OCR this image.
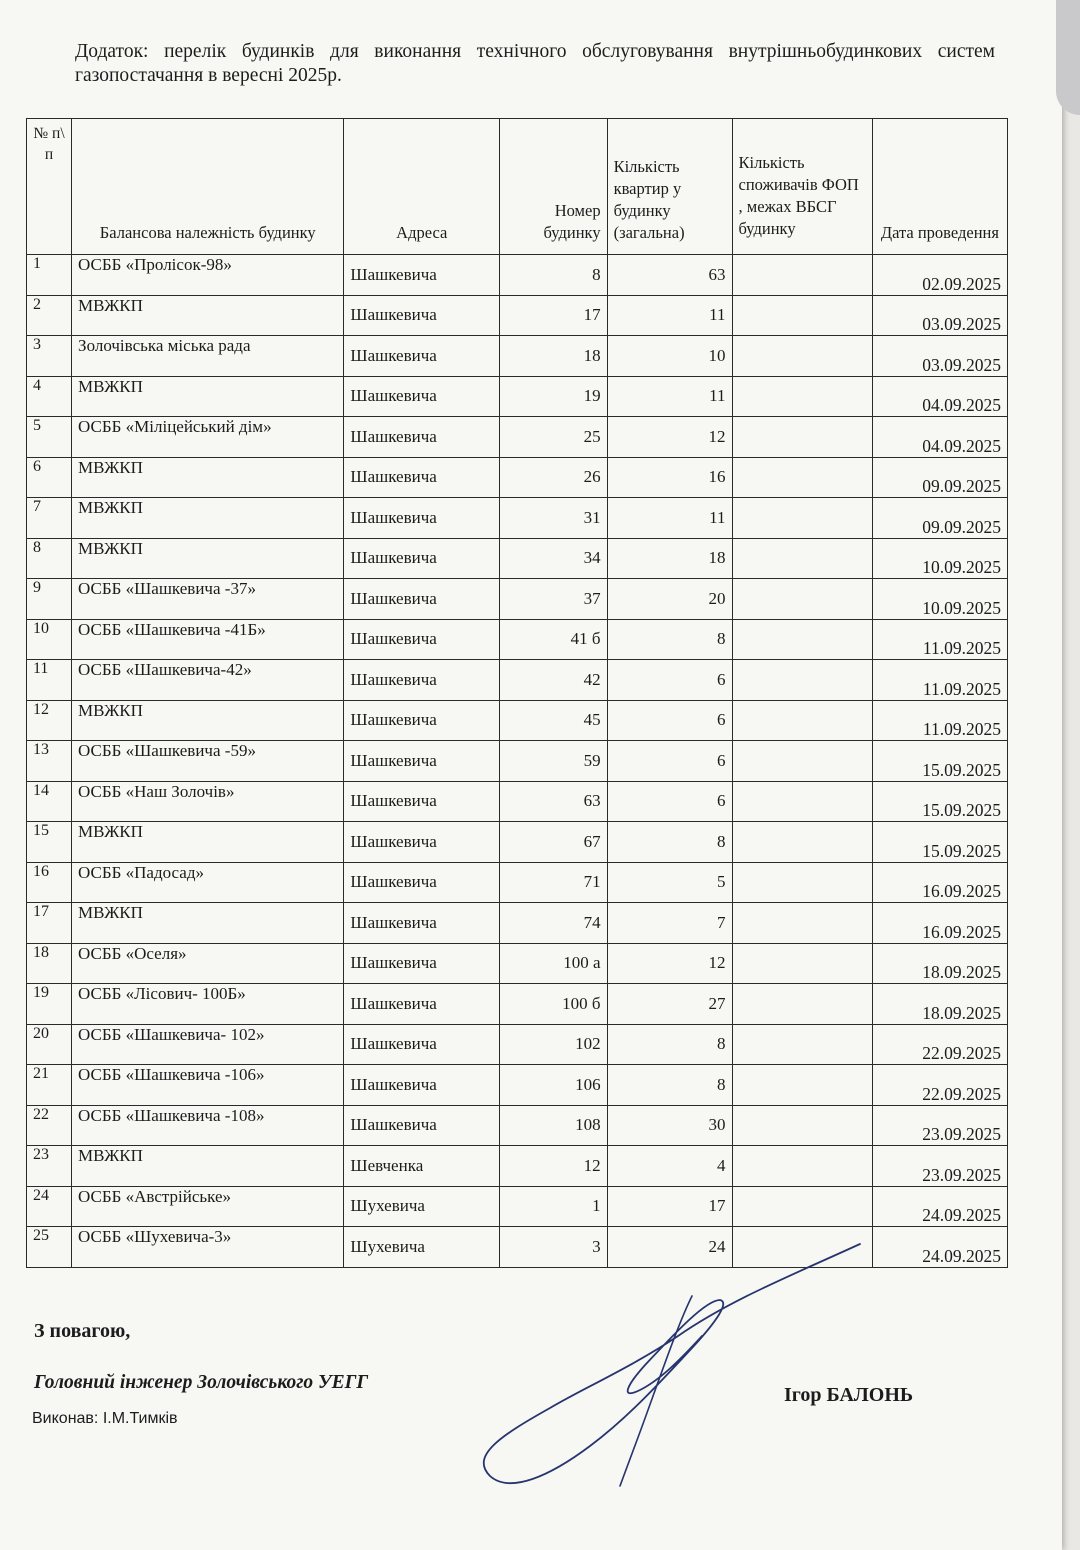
Додаток: перелік будинків для виконання технічного обслуговування внутрішньобудинкових систем газопостачання в вересні 2025р.
№ п\ п	Балансова належність будинку	Адреса	Номер будинку	Кількість квартир у будинку (загальна)	Кількість споживачів ФОП , межах ВБСГ будинку	Дата проведення
1	ОСББ «Пролісок-98»	Шашкевича	8	63		02.09.2025
2	МВЖКП	Шашкевича	17	11		03.09.2025
3	Золочівська міська рада	Шашкевича	18	10		03.09.2025
4	МВЖКП	Шашкевича	19	11		04.09.2025
5	ОСББ «Міліцейський дім»	Шашкевича	25	12		04.09.2025
6	МВЖКП	Шашкевича	26	16		09.09.2025
7	МВЖКП	Шашкевича	31	11		09.09.2025
8	МВЖКП	Шашкевича	34	18		10.09.2025
9	ОСББ «Шашкевича -37»	Шашкевича	37	20		10.09.2025
10	ОСББ «Шашкевича -41Б»	Шашкевича	41 б	8		11.09.2025
11	ОСББ «Шашкевича-42»	Шашкевича	42	6		11.09.2025
12	МВЖКП	Шашкевича	45	6		11.09.2025
13	ОСББ «Шашкевича -59»	Шашкевича	59	6		15.09.2025
14	ОСББ «Наш Золочів»	Шашкевича	63	6		15.09.2025
15	МВЖКП	Шашкевича	67	8		15.09.2025
16	ОСББ «Падосад»	Шашкевича	71	5		16.09.2025
17	МВЖКП	Шашкевича	74	7		16.09.2025
18	ОСББ «Оселя»	Шашкевича	100 а	12		18.09.2025
19	ОСББ «Лісович- 100Б»	Шашкевича	100 б	27		18.09.2025
20	ОСББ «Шашкевича- 102»	Шашкевича	102	8		22.09.2025
21	ОСББ «Шашкевича -106»	Шашкевича	106	8		22.09.2025
22	ОСББ «Шашкевича -108»	Шашкевича	108	30		23.09.2025
23	МВЖКП	Шевченка	12	4		23.09.2025
24	ОСББ «Австрійське»	Шухевича	1	17		24.09.2025
25	ОСББ «Шухевича-3»	Шухевича	3	24		24.09.2025
З повагою,
Головний інженер Золочівського УЕГГ
Ігор БАЛОНЬ
Виконав: І.М.Тимків
